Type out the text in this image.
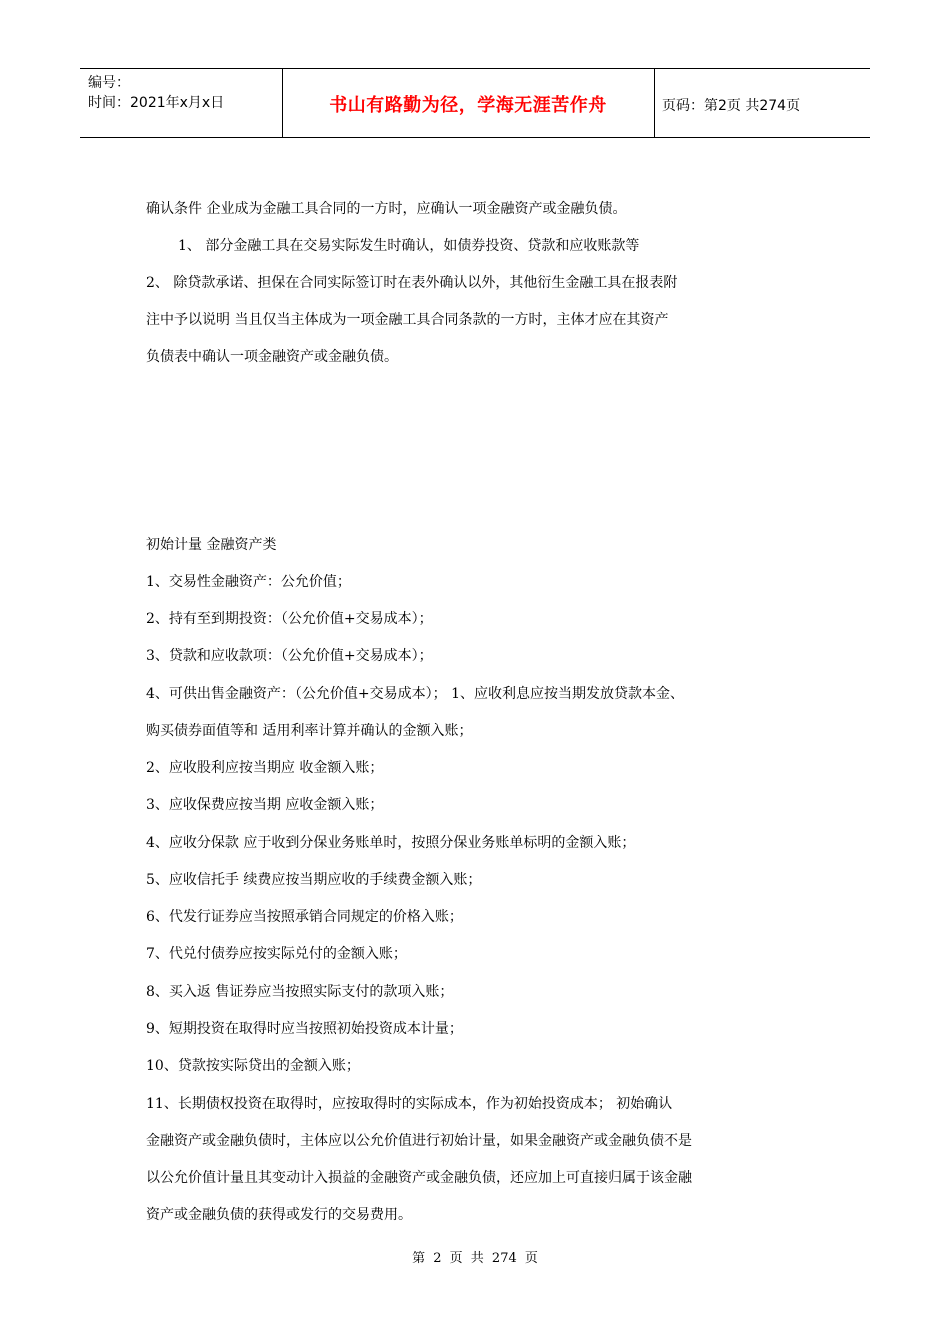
编号：
时间：2021年x月x日	书山有路勤为径，学海无涯苦作舟	页码：第2页 共274页
确认条件 企业成为金融工具合同的一方时，应确认一项金融资产或金融负债。
1、 部分金融工具在交易实际发生时确认，如债券投资、贷款和应收账款等
2、 除贷款承诺、担保在合同实际签订时在表外确认以外，其他衍生金融工具在报表附
注中予以说明 当且仅当主体成为一项金融工具合同条款的一方时，主体才应在其资产
负债表中确认一项金融资产或金融负债。
初始计量 金融资产类
1、交易性金融资产：公允价值；
2、持有至到期投资：（公允价值+交易成本）；
3、贷款和应收款项：（公允价值+交易成本）；
4、可供出售金融资产：（公允价值+交易成本）； 1、应收利息应按当期发放贷款本金、
购买债券面值等和 适用利率计算并确认的金额入账；
2、应收股利应按当期应 收金额入账；
3、应收保费应按当期 应收金额入账；
4、应收分保款 应于收到分保业务账单时，按照分保业务账单标明的金额入账；
5、应收信托手 续费应按当期应收的手续费金额入账；
6、代发行证券应当按照承销合同规定的价格入账；
7、代兑付债券应按实际兑付的金额入账；
8、买入返 售证券应当按照实际支付的款项入账；
9、短期投资在取得时应当按照初始投资成本计量；
10、贷款按实际贷出的金额入账；
11、长期债权投资在取得时，应按取得时的实际成本，作为初始投资成本； 初始确认
金融资产或金融负债时，主体应以公允价值进行初始计量，如果金融资产或金融负债不是
以公允价值计量且其变动计入损益的金融资产或金融负债，还应加上可直接归属于该金融
资产或金融负债的获得或发行的交易费用。
第 2 页 共 274 页
